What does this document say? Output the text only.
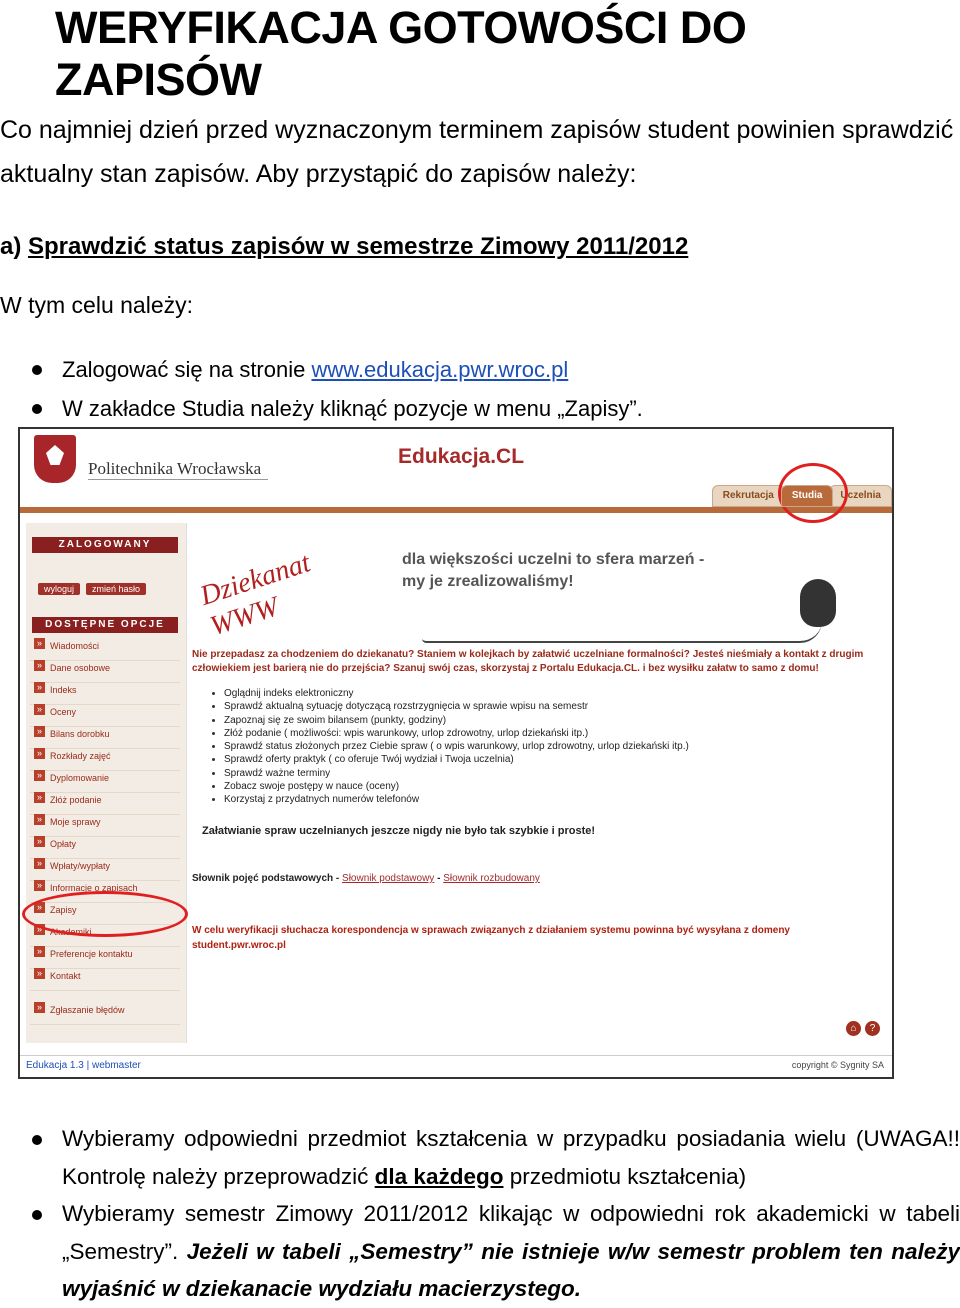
WERYFIKACJA GOTOWOŚCI DO ZAPISÓW

Co najmniej dzień przed wyznaczonym terminem zapisów student powinien sprawdzić aktualny stan zapisów. Aby przystąpić do zapisów należy:

a) Sprawdzić status zapisów w semestrze Zimowy 2011/2012
W tym celu należy:
Zalogować się na stronie www.edukacja.pwr.wroc.pl
W zakładce Studia należy kliknąć pozycje w menu „Zapisy”.
Politechnika Wrocławska
Edukacja.CL
Rekrutacja	Studia	Uczelnia
ZALOGOWANY
wyloguj	zmień hasło
DOSTĘPNE OPCJE
» Wiadomości
» Dane osobowe
» Indeks
» Oceny
» Bilans dorobku
» Rozkłady zajęć
» Dyplomowanie
» Złóż podanie
» Moje sprawy
» Opłaty
» Wpłaty/wypłaty
» Informacje o zapisach
» Zapisy
» Akademiki
» Preferencje kontaktu
» Kontakt
» Zgłaszanie błędów
Dziekanat WWW
dla większości uczelni to sfera marzeń -
my je zrealizowaliśmy!
Nie przepadasz za chodzeniem do dziekanatu? Staniem w kolejkach by załatwić uczelniane formalności? Jesteś nieśmiały a kontakt z drugim człowiekiem jest barierą nie do przejścia? Szanuj swój czas, skorzystaj z Portalu Edukacja.CL. i bez wysiłku załatw to samo z domu!
• Oglądnij indeks elektroniczny
• Sprawdź aktualną sytuację dotyczącą rozstrzygnięcia w sprawie wpisu na semestr
• Zapoznaj się ze swoim bilansem (punkty, godziny)
• Złóż podanie ( możliwości: wpis warunkowy, urlop zdrowotny, urlop dziekański itp.)
• Sprawdź status złożonych przez Ciebie spraw ( o wpis warunkowy, urlop zdrowotny, urlop dziekański itp.)
• Sprawdź oferty praktyk ( co oferuje Twój wydział i Twoja uczelnia)
• Sprawdź ważne terminy
• Zobacz swoje postępy w nauce (oceny)
• Korzystaj z przydatnych numerów telefonów
Załatwianie spraw uczelnianych jeszcze nigdy nie było tak szybkie i proste!
Słownik pojęć podstawowych - Słownik podstawowy - Słownik rozbudowany
W celu weryfikacji słuchacza korespondencja w sprawach związanych z działaniem systemu powinna być wysyłana z domeny student.pwr.wroc.pl
⌂	?
Edukacja 1.3 | webmaster	copyright © Sygnity SA
Wybieramy odpowiedni przedmiot kształcenia w przypadku posiadania wielu (UWAGA!! Kontrolę należy przeprowadzić dla każdego przedmiotu kształcenia)
Wybieramy semestr Zimowy 2011/2012 klikając w odpowiedni rok akademicki w tabeli „Semestry”. Jeżeli w tabeli „Semestry” nie istnieje w/w semestr problem ten należy wyjaśnić w dziekanacie wydziału macierzystego.
